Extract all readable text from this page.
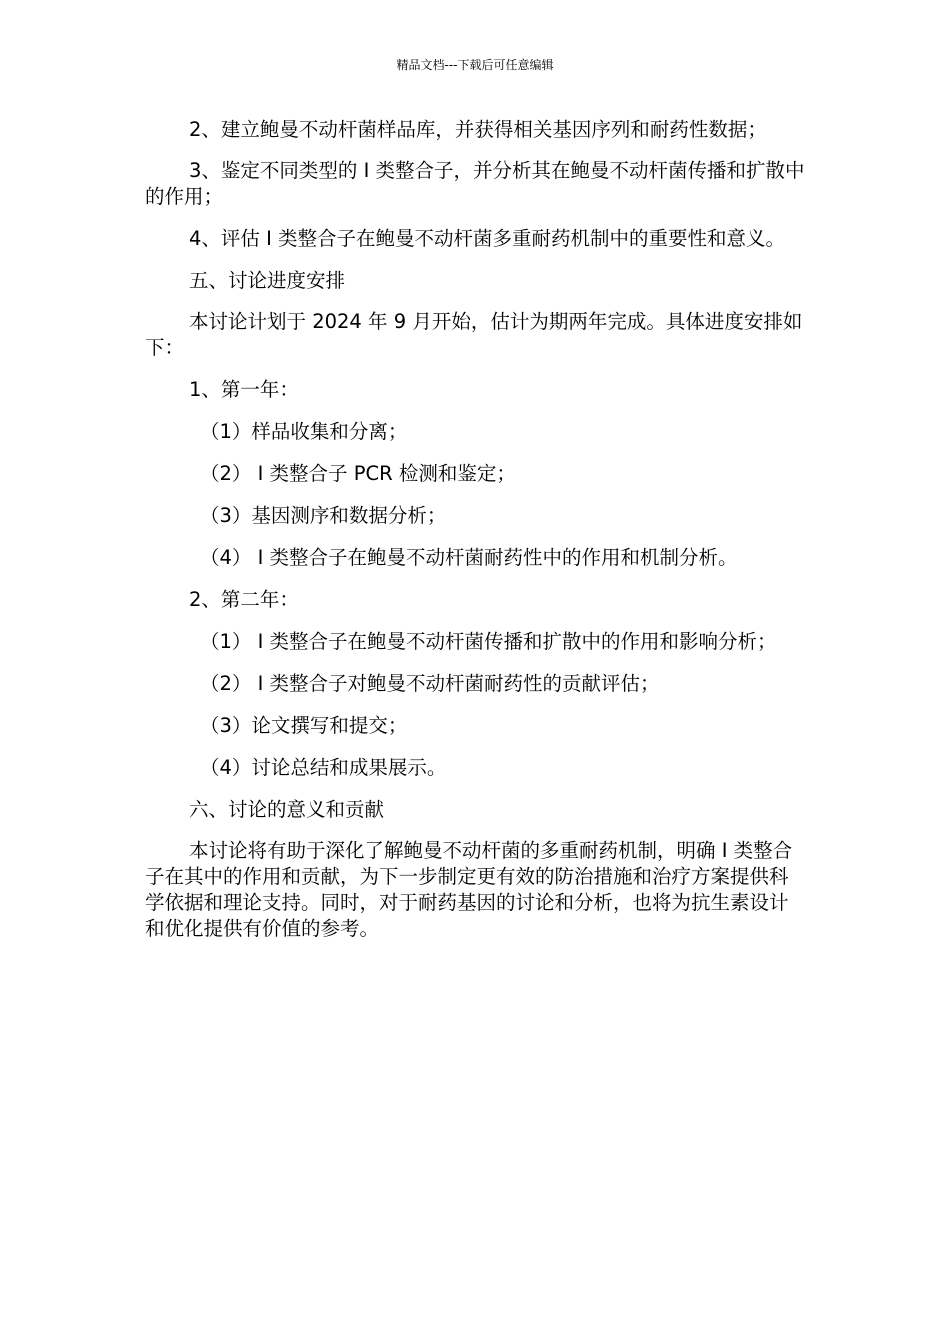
精品文档---下载后可任意编辑

2、建立鲍曼不动杆菌样品库，并获得相关基因序列和耐药性数据；

3、鉴定不同类型的 I 类整合子，并分析其在鲍曼不动杆菌传播和扩散中的作用；

4、评估 I 类整合子在鲍曼不动杆菌多重耐药机制中的重要性和意义。

五、讨论进度安排

本讨论计划于 2024 年 9 月开始，估计为期两年完成。具体进度安排如下：

1、第一年：

（1）样品收集和分离；

（2） I 类整合子 PCR 检测和鉴定；

（3）基因测序和数据分析；

（4） I 类整合子在鲍曼不动杆菌耐药性中的作用和机制分析。

2、第二年：

（1） I 类整合子在鲍曼不动杆菌传播和扩散中的作用和影响分析；

（2） I 类整合子对鲍曼不动杆菌耐药性的贡献评估；

（3）论文撰写和提交；

（4）讨论总结和成果展示。

六、讨论的意义和贡献

本讨论将有助于深化了解鲍曼不动杆菌的多重耐药机制，明确 I 类整合子在其中的作用和贡献，为下一步制定更有效的防治措施和治疗方案提供科学依据和理论支持。同时，对于耐药基因的讨论和分析，也将为抗生素设计和优化提供有价值的参考。
